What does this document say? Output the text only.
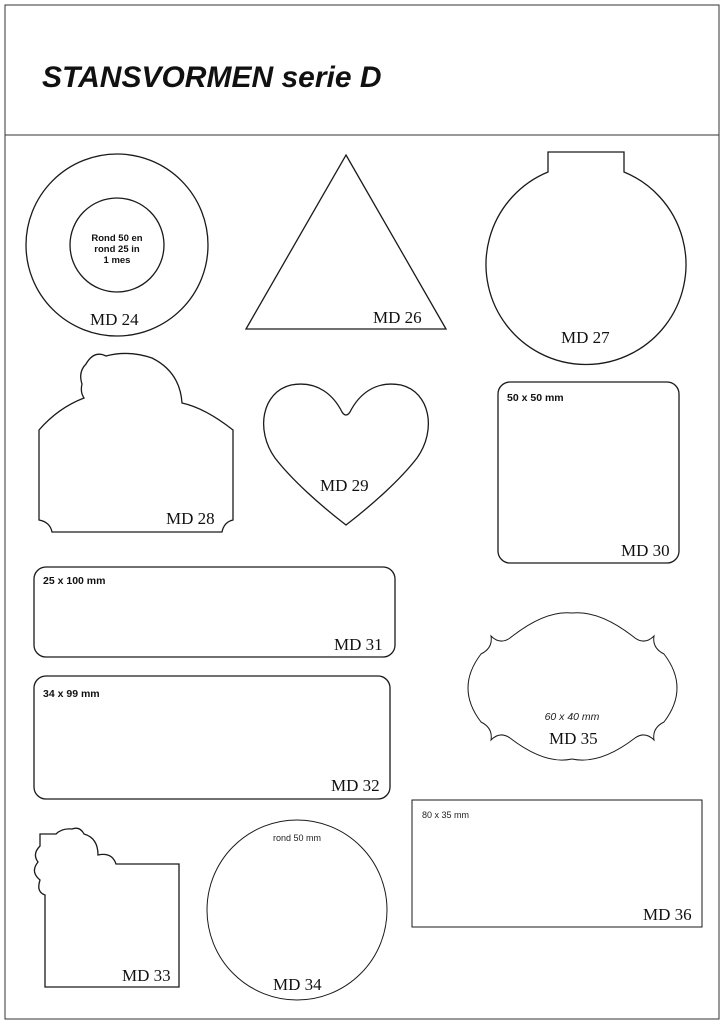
STANSVORMEN serie D
Rond 50 en
rond 25 in
1 mes
MD 24	MD 26
MD 27
MD 28
MD 29
50 x 50 mm
MD 30
25 x 100 mm
MD 31
60 x 40 mm
MD 35
34 x 99 mm
MD 32
80 x 35 mm
MD 36
MD 33
rond 50 mm
MD 34
